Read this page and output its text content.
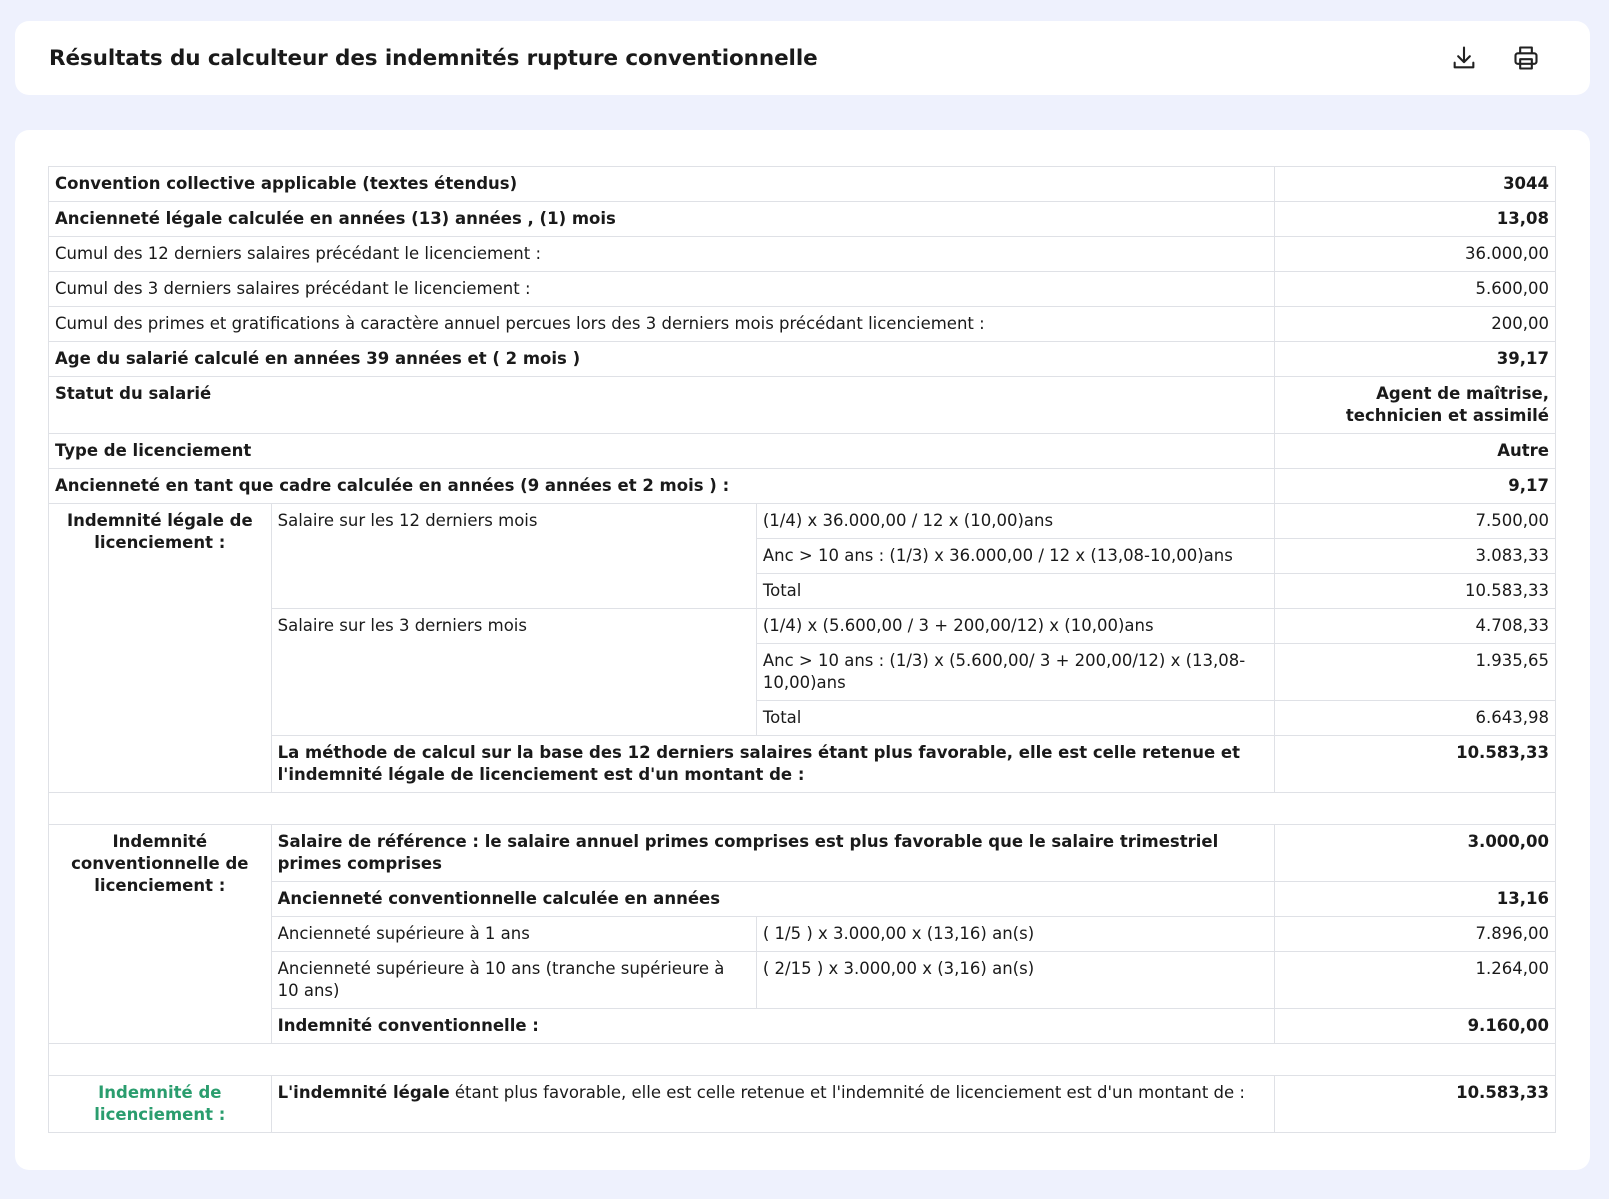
Résultats du calculteur des indemnités rupture conventionnelle
Convention collective applicable (textes étendus)			3044
Ancienneté légale calculée en années (13) années , (1) mois			13,08
Cumul des 12 derniers salaires précédant le licenciement :			36.000,00
Cumul des 3 derniers salaires précédant le licenciement :			5.600,00
Cumul des primes et gratifications à caractère annuel percues lors des 3 derniers mois précédant licenciement :			200,00
Age du salarié calculé en années 39 années et ( 2 mois )			39,17
Statut du salarié			Agent de maîtrise, technicien et assimilé
Type de licenciement			Autre
Ancienneté en tant que cadre calculée en années (9 années et 2 mois ) :			9,17
Indemnité légale de licenciement :	Salaire sur les 12 derniers mois	(1/4) x 36.000,00 / 12 x (10,00)ans	7.500,00
		Anc > 10 ans : (1/3) x 36.000,00 / 12 x (13,08-10,00)ans	3.083,33
		Total	10.583,33
	Salaire sur les 3 derniers mois	(1/4) x (5.600,00 / 3 + 200,00/12) x (10,00)ans	4.708,33
		Anc > 10 ans : (1/3) x (5.600,00/ 3 + 200,00/12) x (13,08-10,00)ans	1.935,65
		Total	6.643,98
	La méthode de calcul sur la base des 12 derniers salaires étant plus favorable, elle est celle retenue et l'indemnité légale de licenciement est d'un montant de :		10.583,33

Indemnité conventionnelle de licenciement :	Salaire de référence : le salaire annuel primes comprises est plus favorable que le salaire trimestriel primes comprises		3.000,00
	Ancienneté conventionnelle calculée en années		13,16
	Ancienneté supérieure à 1 ans	( 1/5 ) x 3.000,00 x (13,16) an(s)	7.896,00
	Ancienneté supérieure à 10 ans (tranche supérieure à 10 ans)	( 2/15 ) x 3.000,00 x (3,16) an(s)	1.264,00
	Indemnité conventionnelle :		9.160,00

Indemnité de licenciement :	L'indemnité légale étant plus favorable, elle est celle retenue et l'indemnité de licenciement est d'un montant de :		10.583,33
